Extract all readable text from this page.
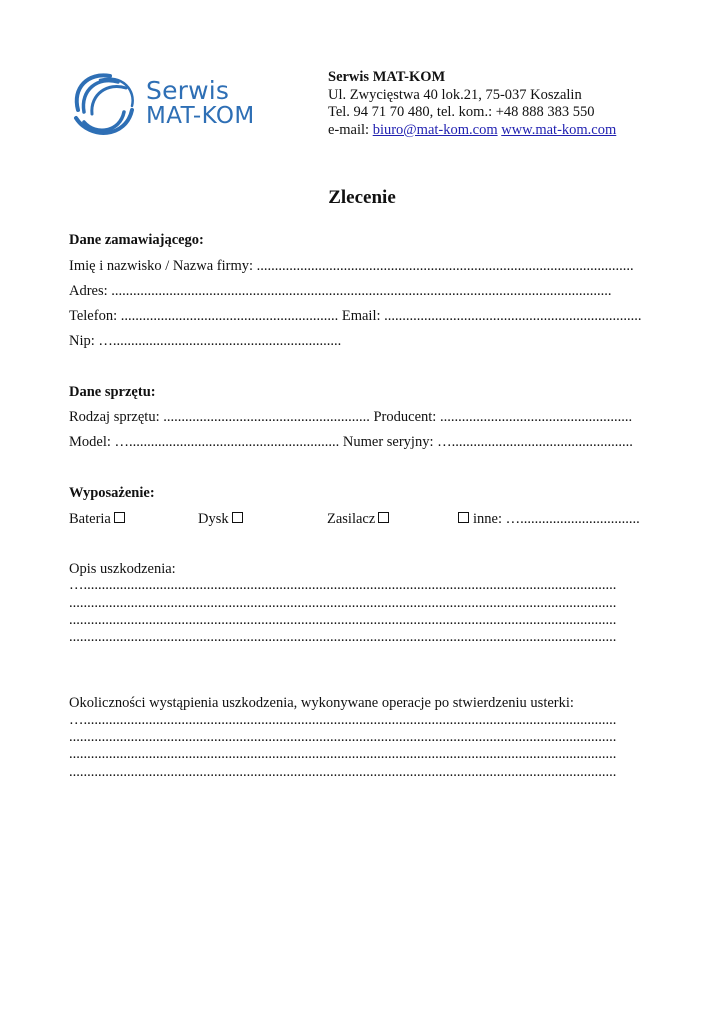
Serwis
MAT-KOM
Serwis MAT-KOM
Ul. Zwycięstwa 40 lok.21, 75-037 Koszalin
Tel. 94 71 70 480, tel. kom.: +48 888 383 550
e-mail: biuro@mat-kom.com www.mat-kom.com
Zlecenie
Dane zamawiającego:
Imię i nazwisko / Nazwa firmy: ........................................................................................................
Adres: ..........................................................................................................................................
Telefon: ............................................................ Email: .......................................................................
Nip: …...............................................................
Dane sprzętu:
Rodzaj sprzętu: ......................................................... Producent: .....................................................
Model: ….......................................................... Numer seryjny: …..................................................
Wyposażenie:
Bateria	Dysk	Zasilacz	inne: ….................................
Opis uszkodzenia:
…...................................................................................................................................................
.......................................................................................................................................................
.......................................................................................................................................................
.......................................................................................................................................................
Okoliczności wystąpienia uszkodzenia, wykonywane operacje po stwierdzeniu usterki:
…...................................................................................................................................................
.......................................................................................................................................................
.......................................................................................................................................................
.......................................................................................................................................................
